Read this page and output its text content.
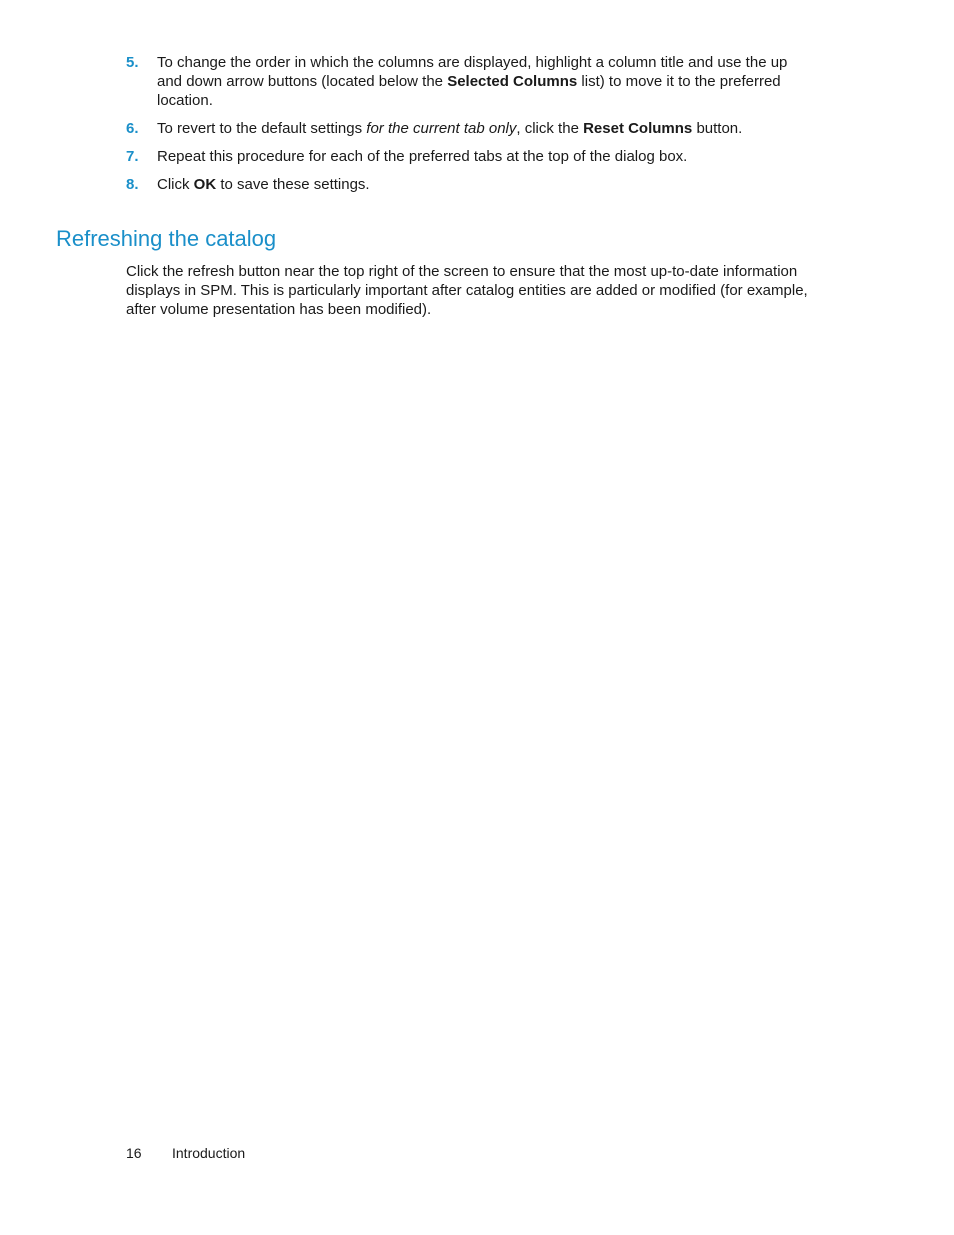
5. To change the order in which the columns are displayed, highlight a column title and use the up and down arrow buttons (located below the Selected Columns list) to move it to the preferred location.
6. To revert to the default settings for the current tab only, click the Reset Columns button.
7. Repeat this procedure for each of the preferred tabs at the top of the dialog box.
8. Click OK to save these settings.
Refreshing the catalog

Click the refresh button near the top right of the screen to ensure that the most up-to-date information displays in SPM. This is particularly important after catalog entities are added or modified (for example, after volume presentation has been modified).

16 Introduction
